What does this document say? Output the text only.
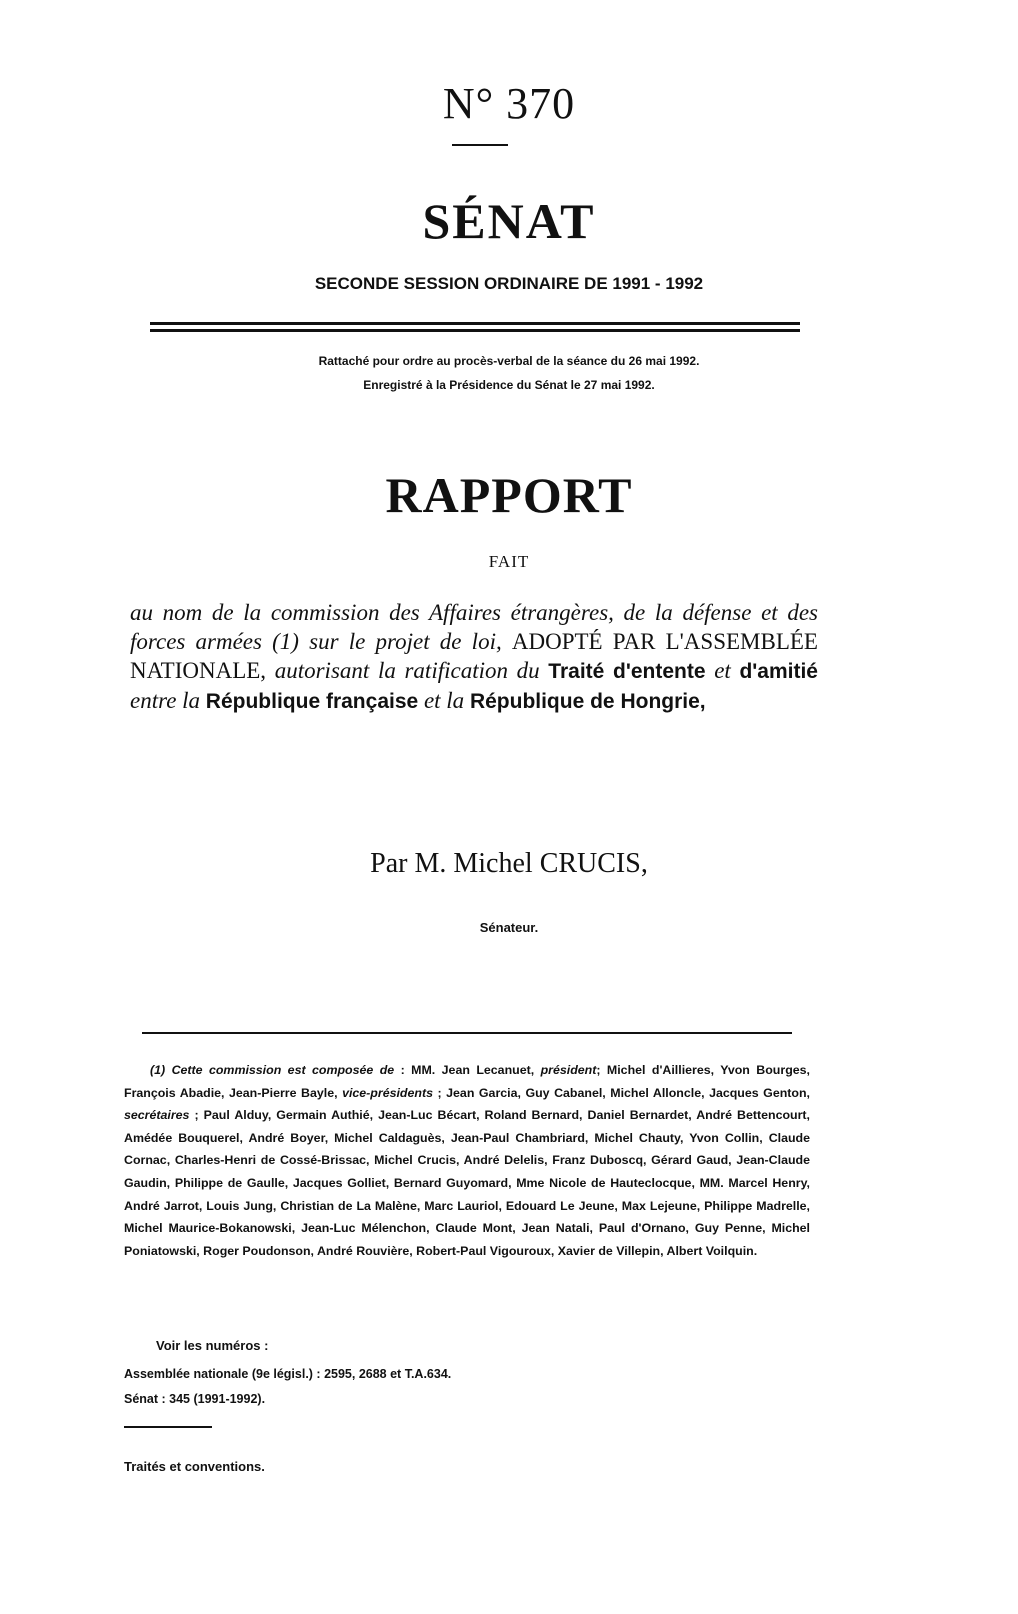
N° 370
SÉNAT
SECONDE SESSION ORDINAIRE DE 1991 - 1992
Rattaché pour ordre au procès-verbal de la séance du 26 mai 1992.
Enregistré à la Présidence du Sénat le 27 mai 1992.
RAPPORT
FAIT
au nom de la commission des Affaires étrangères, de la défense et des forces armées (1) sur le projet de loi, ADOPTÉ PAR L'ASSEMBLÉE NATIONALE, autorisant la ratification du Traité d'entente et d'amitié entre la République française et la République de Hongrie,
Par M. Michel CRUCIS,
Sénateur.
(1) Cette commission est composée de : MM. Jean Lecanuet, président; Michel d'Aillieres, Yvon Bourges, François Abadie, Jean-Pierre Bayle, vice-présidents ; Jean Garcia, Guy Cabanel, Michel Alloncle, Jacques Genton, secrétaires ; Paul Alduy, Germain Authié, Jean-Luc Bécart, Roland Bernard, Daniel Bernardet, André Bettencourt, Amédée Bouquerel, André Boyer, Michel Caldaguès, Jean-Paul Chambriard, Michel Chauty, Yvon Collin, Claude Cornac, Charles-Henri de Cossé-Brissac, Michel Crucis, André Delelis, Franz Duboscq, Gérard Gaud, Jean-Claude Gaudin, Philippe de Gaulle, Jacques Golliet, Bernard Guyomard, Mme Nicole de Hauteclocque, MM. Marcel Henry, André Jarrot, Louis Jung, Christian de La Malène, Marc Lauriol, Edouard Le Jeune, Max Lejeune, Philippe Madrelle, Michel Maurice-Bokanowski, Jean-Luc Mélenchon, Claude Mont, Jean Natali, Paul d'Ornano, Guy Penne, Michel Poniatowski, Roger Poudonson, André Rouvière, Robert-Paul Vigouroux, Xavier de Villepin, Albert Voilquin.
Voir les numéros :
Assemblée nationale (9e législ.) : 2595, 2688 et T.A.634.
Sénat : 345 (1991-1992).
Traités et conventions.
